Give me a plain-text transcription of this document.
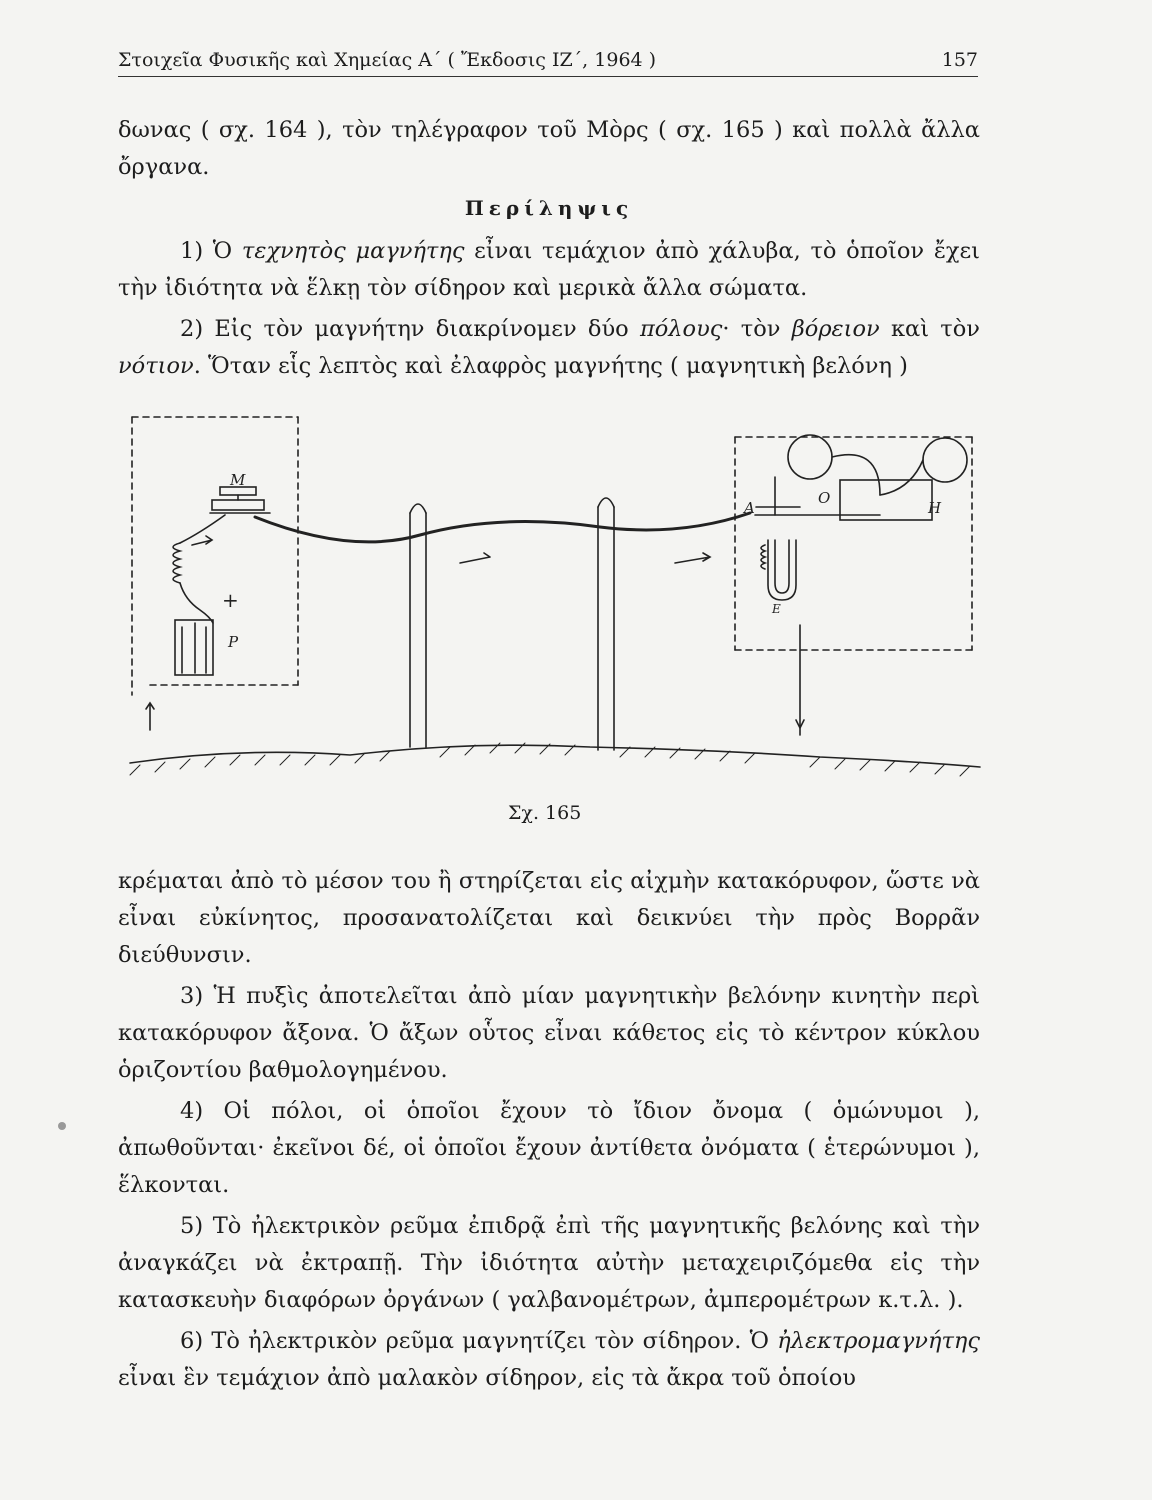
Στοιχεῖα Φυσικῆς καὶ Χημείας Α΄ ( Ἔκδοσις ΙΖ΄, 1964 )	157

δωνας ( σχ. 164 ), τὸν τηλέγραφον τοῦ Μὸρς ( σχ. 165 ) καὶ πολλὰ ἄλλα ὄργανα.

Περίληψις

1) Ὁ τεχνητὸς μαγνήτης εἶναι τεμάχιον ἀπὸ χάλυβα, τὸ ὁποῖον ἔχει τὴν ἰδιότητα νὰ ἕλκῃ τὸν σίδηρον καὶ μερικὰ ἄλλα σώματα.

2) Εἰς τὸν μαγνήτην διακρίνομεν δύο πόλους· τὸν βόρειον καὶ τὸν νότιον. Ὅταν εἷς λεπτὸς καὶ ἐλαφρὸς μαγνήτης ( μαγνητικὴ βελόνη )

M
+
P
A
O
H
E
Σχ. 165

κρέμαται ἀπὸ τὸ μέσον του ἢ στηρίζεται εἰς αἰχμὴν κατακόρυφον, ὥστε νὰ εἶναι εὐκίνητος, προσανατολίζεται καὶ δεικνύει τὴν πρὸς Βορρᾶν διεύθυνσιν.

3) Ἡ πυξὶς ἀποτελεῖται ἀπὸ μίαν μαγνητικὴν βελόνην κινητὴν περὶ κατακόρυφον ἄξονα. Ὁ ἄξων οὗτος εἶναι κάθετος εἰς τὸ κέντρον κύκλου ὁριζοντίου βαθμολογημένου.

4) Οἱ πόλοι, οἱ ὁποῖοι ἔχουν τὸ ἴδιον ὄνομα ( ὁμώνυμοι ), ἀπωθοῦνται· ἐκεῖνοι δέ, οἱ ὁποῖοι ἔχουν ἀντίθετα ὀνόματα ( ἑτερώνυμοι ), ἕλκονται.

5) Τὸ ἠλεκτρικὸν ρεῦμα ἐπιδρᾷ ἐπὶ τῆς μαγνητικῆς βελόνης καὶ τὴν ἀναγκάζει νὰ ἐκτραπῇ. Τὴν ἰδιότητα αὐτὴν μεταχειριζόμεθα εἰς τὴν κατασκευὴν διαφόρων ὀργάνων ( γαλβανομέτρων, ἀμπερομέτρων κ.τ.λ. ).

6) Τὸ ἠλεκτρικὸν ρεῦμα μαγνητίζει τὸν σίδηρον. Ὁ ἠλεκτρομαγνήτης εἶναι ἓν τεμάχιον ἀπὸ μαλακὸν σίδηρον, εἰς τὰ ἄκρα τοῦ ὁποίου
